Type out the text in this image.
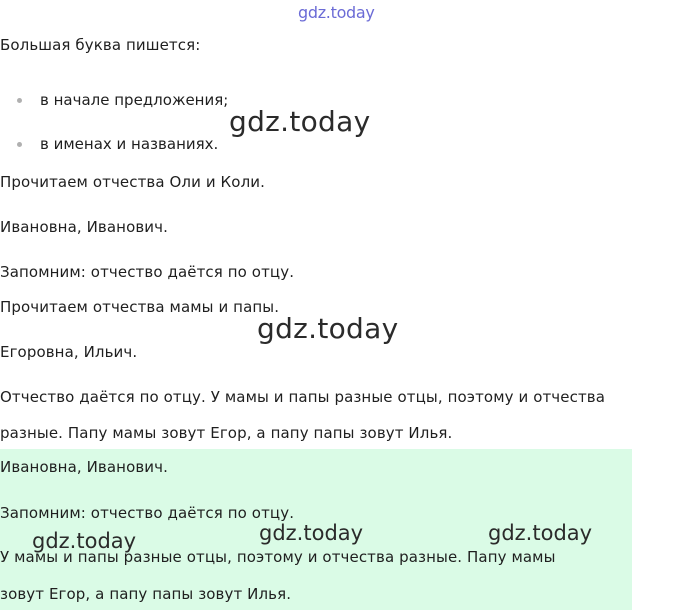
gdz.today
Большая буква пишется:
в начале предложения;
в именах и названиях.
gdz.today
Прочитаем отчества Оли и Коли.
Ивановна, Иванович.
Запомним: отчество даётся по отцу.
Прочитаем отчества мамы и папы.
gdz.today
Егоровна, Ильич.
Отчество даётся по отцу. У мамы и папы разные отцы, поэтому и отчества
разные. Папу мамы зовут Егор, а папу папы зовут Илья.
Ивановна, Иванович.
Запомним: отчество даётся по отцу.
gdz.today	gdz.today	gdz.today
У мамы и папы разные отцы, поэтому и отчества разные. Папу мамы
зовут Егор, а папу папы зовут Илья.
